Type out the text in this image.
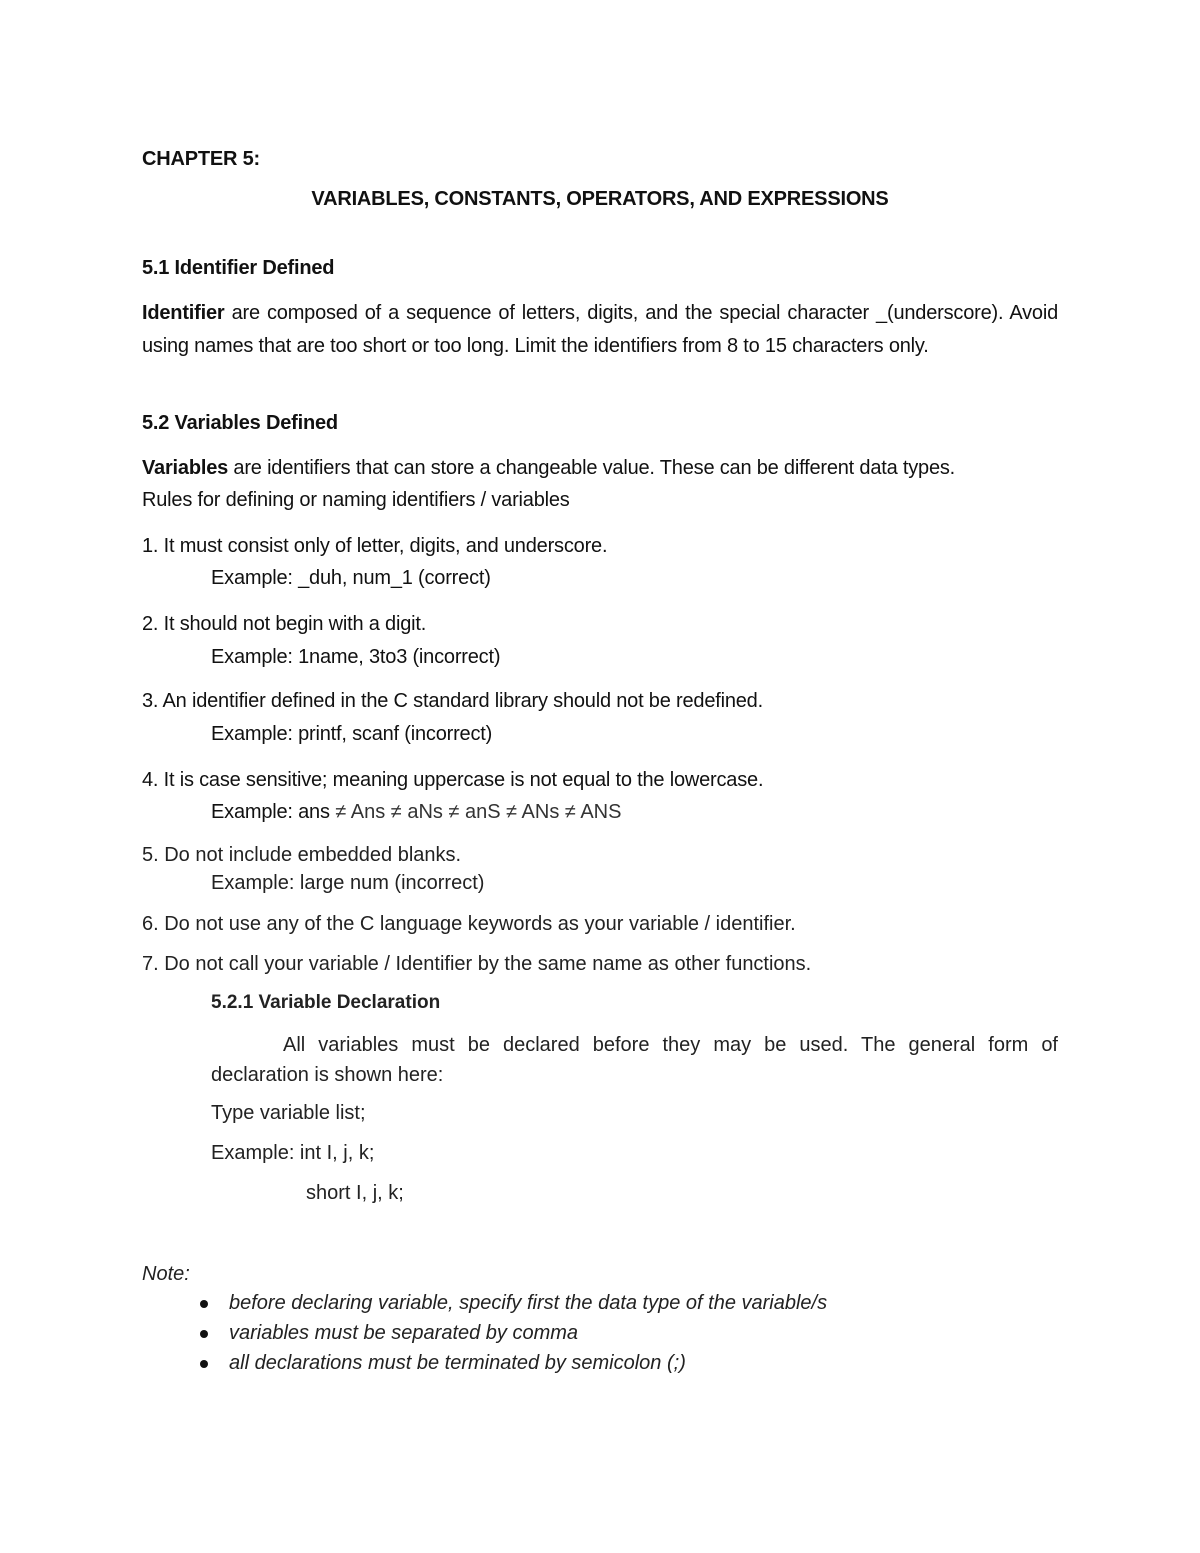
CHAPTER 5:
VARIABLES, CONSTANTS, OPERATORS, AND EXPRESSIONS
5.1 Identifier Defined
Identifier are composed of a sequence of letters, digits, and the special character _(underscore). Avoid using names that are too short or too long. Limit the identifiers from 8 to 15 characters only.
5.2 Variables Defined
Variables are identifiers that can store a changeable value. These can be different data types.
Rules for defining or naming identifiers / variables
1. It must consist only of letter, digits, and underscore.
Example: _duh, num_1 (correct)
2. It should not begin with a digit.
Example: 1name, 3to3 (incorrect)
3. An identifier defined in the C standard library should not be redefined.
Example: printf, scanf (incorrect)
4. It is case sensitive; meaning uppercase is not equal to the lowercase.
Example: ans ≠ Ans ≠ aNs ≠ anS ≠ ANs ≠ ANS
5. Do not include embedded blanks.
Example: large num (incorrect)
6. Do not use any of the C language keywords as your variable / identifier.
7. Do not call your variable / Identifier by the same name as other functions.
5.2.1 Variable Declaration
All variables must be declared before they may be used. The general form of declaration is shown here:
Type variable list;
Example: int I, j, k;
short I, j, k;
Note:
before declaring variable, specify first the data type of the variable/s
variables must be separated by comma
all declarations must be terminated by semicolon (;)
